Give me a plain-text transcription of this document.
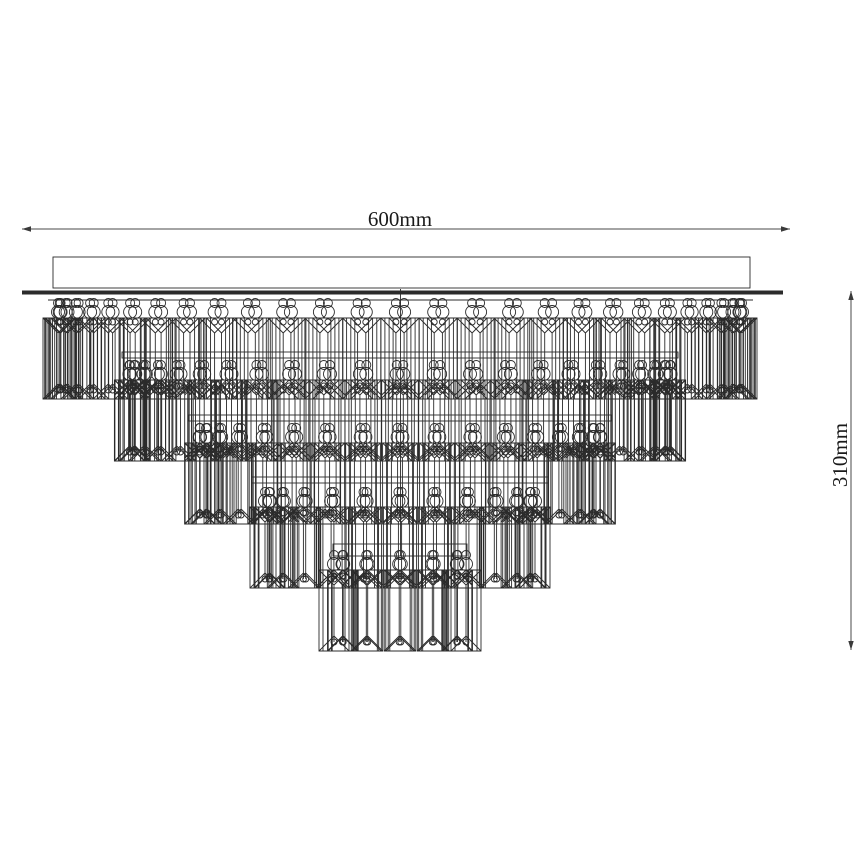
600mm
310mm
